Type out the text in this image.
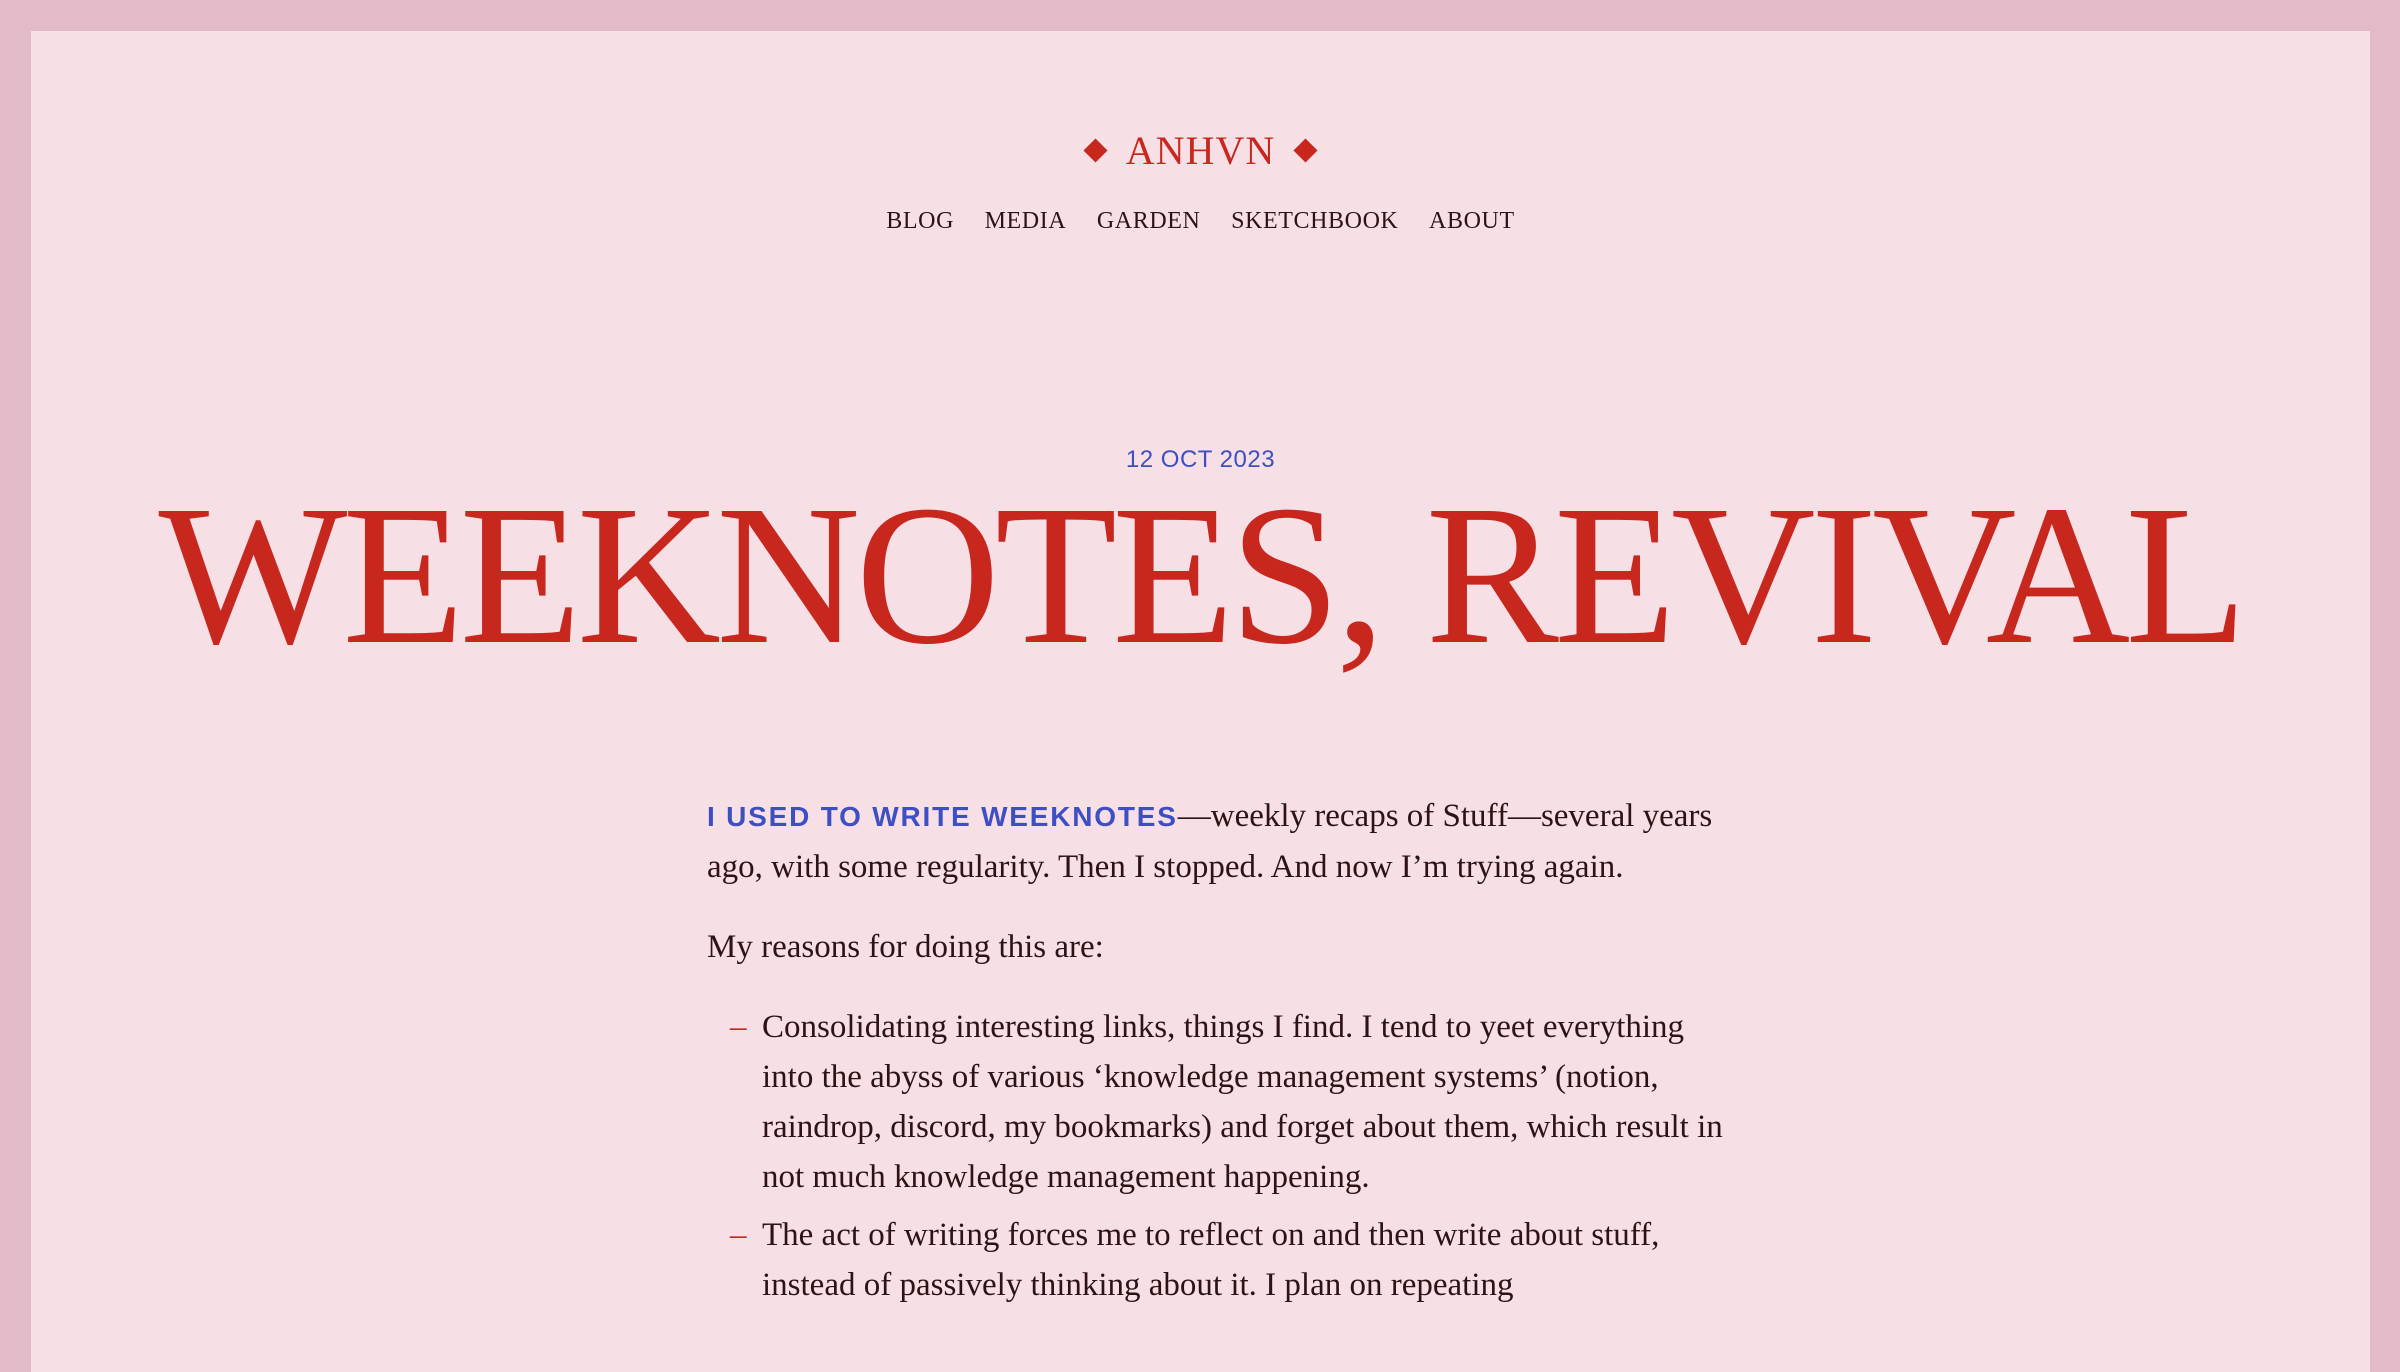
ANHVN
BLOG MEDIA GARDEN SKETCHBOOK ABOUT
12 OCT 2023
WEEKNOTES, REVIVAL

I USED TO WRITE WEEKNOTES—weekly recaps of Stuff—several years ago, with some regularity. Then I stopped. And now I’m trying again.

My reasons for doing this are:

– Consolidating interesting links, things I find. I tend to yeet everything into the abyss of various ‘knowledge management systems’ (notion, raindrop, discord, my bookmarks) and forget about them, which result in not much knowledge management happening.
– The act of writing forces me to reflect on and then write about stuff, instead of passively thinking about it. I plan on repeating
